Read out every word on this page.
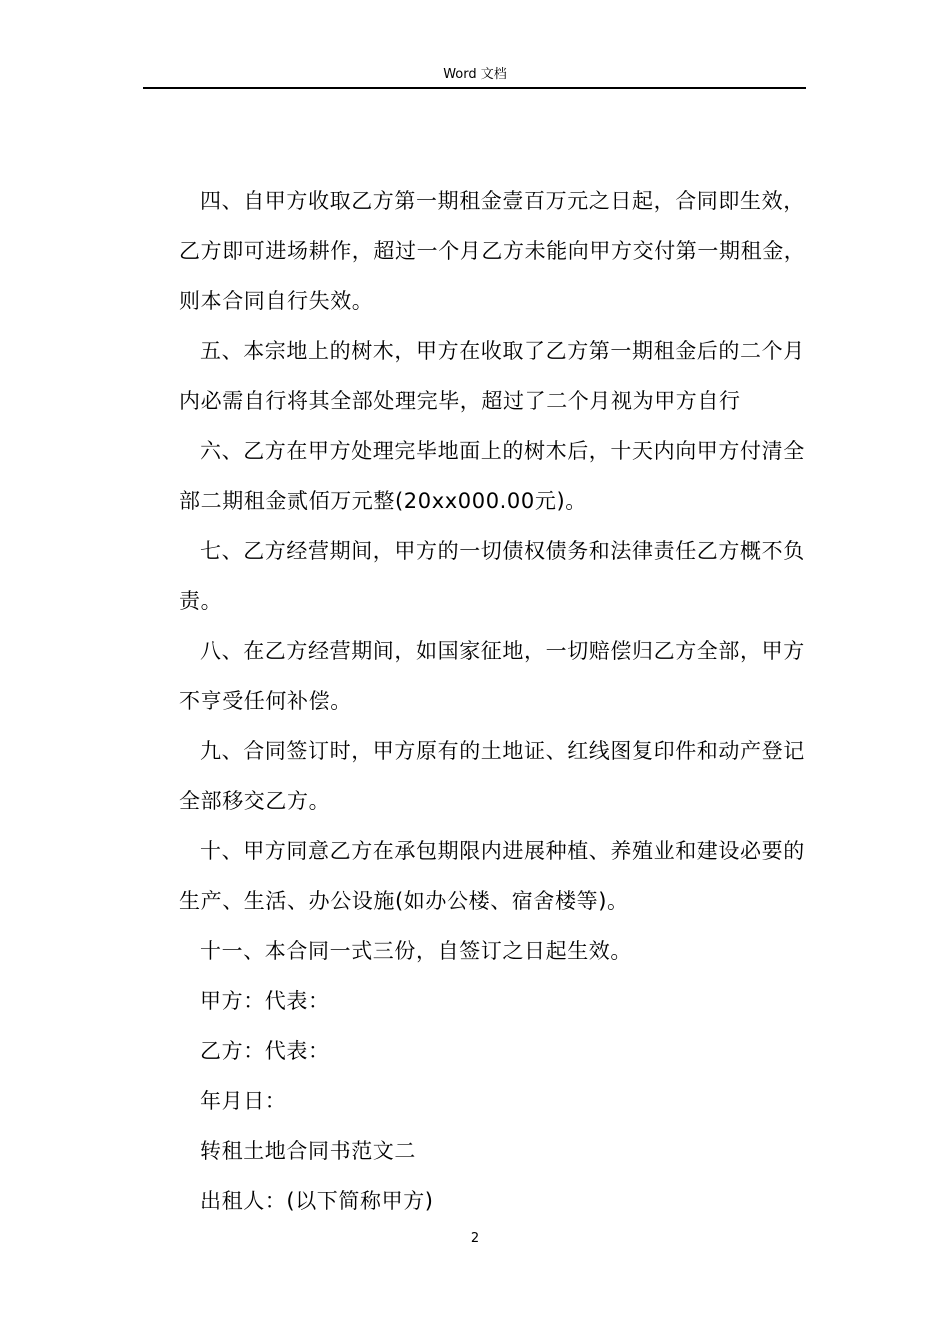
Word 文档

四、自甲方收取乙方第一期租金壹百万元之日起，合同即生效，乙方即可进场耕作，超过一个月乙方未能向甲方交付第一期租金，则本合同自行失效。

五、本宗地上的树木，甲方在收取了乙方第一期租金后的二个月内必需自行将其全部处理完毕，超过了二个月视为甲方自行

六、乙方在甲方处理完毕地面上的树木后，十天内向甲方付清全部二期租金贰佰万元整(20xx000.00元)。

七、乙方经营期间，甲方的一切债权债务和法律责任乙方概不负责。

八、在乙方经营期间，如国家征地，一切赔偿归乙方全部，甲方不亨受任何补偿。

九、合同签订时，甲方原有的土地证、红线图复印件和动产登记全部移交乙方。

十、甲方同意乙方在承包期限内进展种植、养殖业和建设必要的生产、生活、办公设施(如办公楼、宿舍楼等)。

十一、本合同一式三份，自签订之日起生效。

甲方：代表：

乙方：代表：

年月日：

转租土地合同书范文二

出租人：(以下简称甲方)

2
